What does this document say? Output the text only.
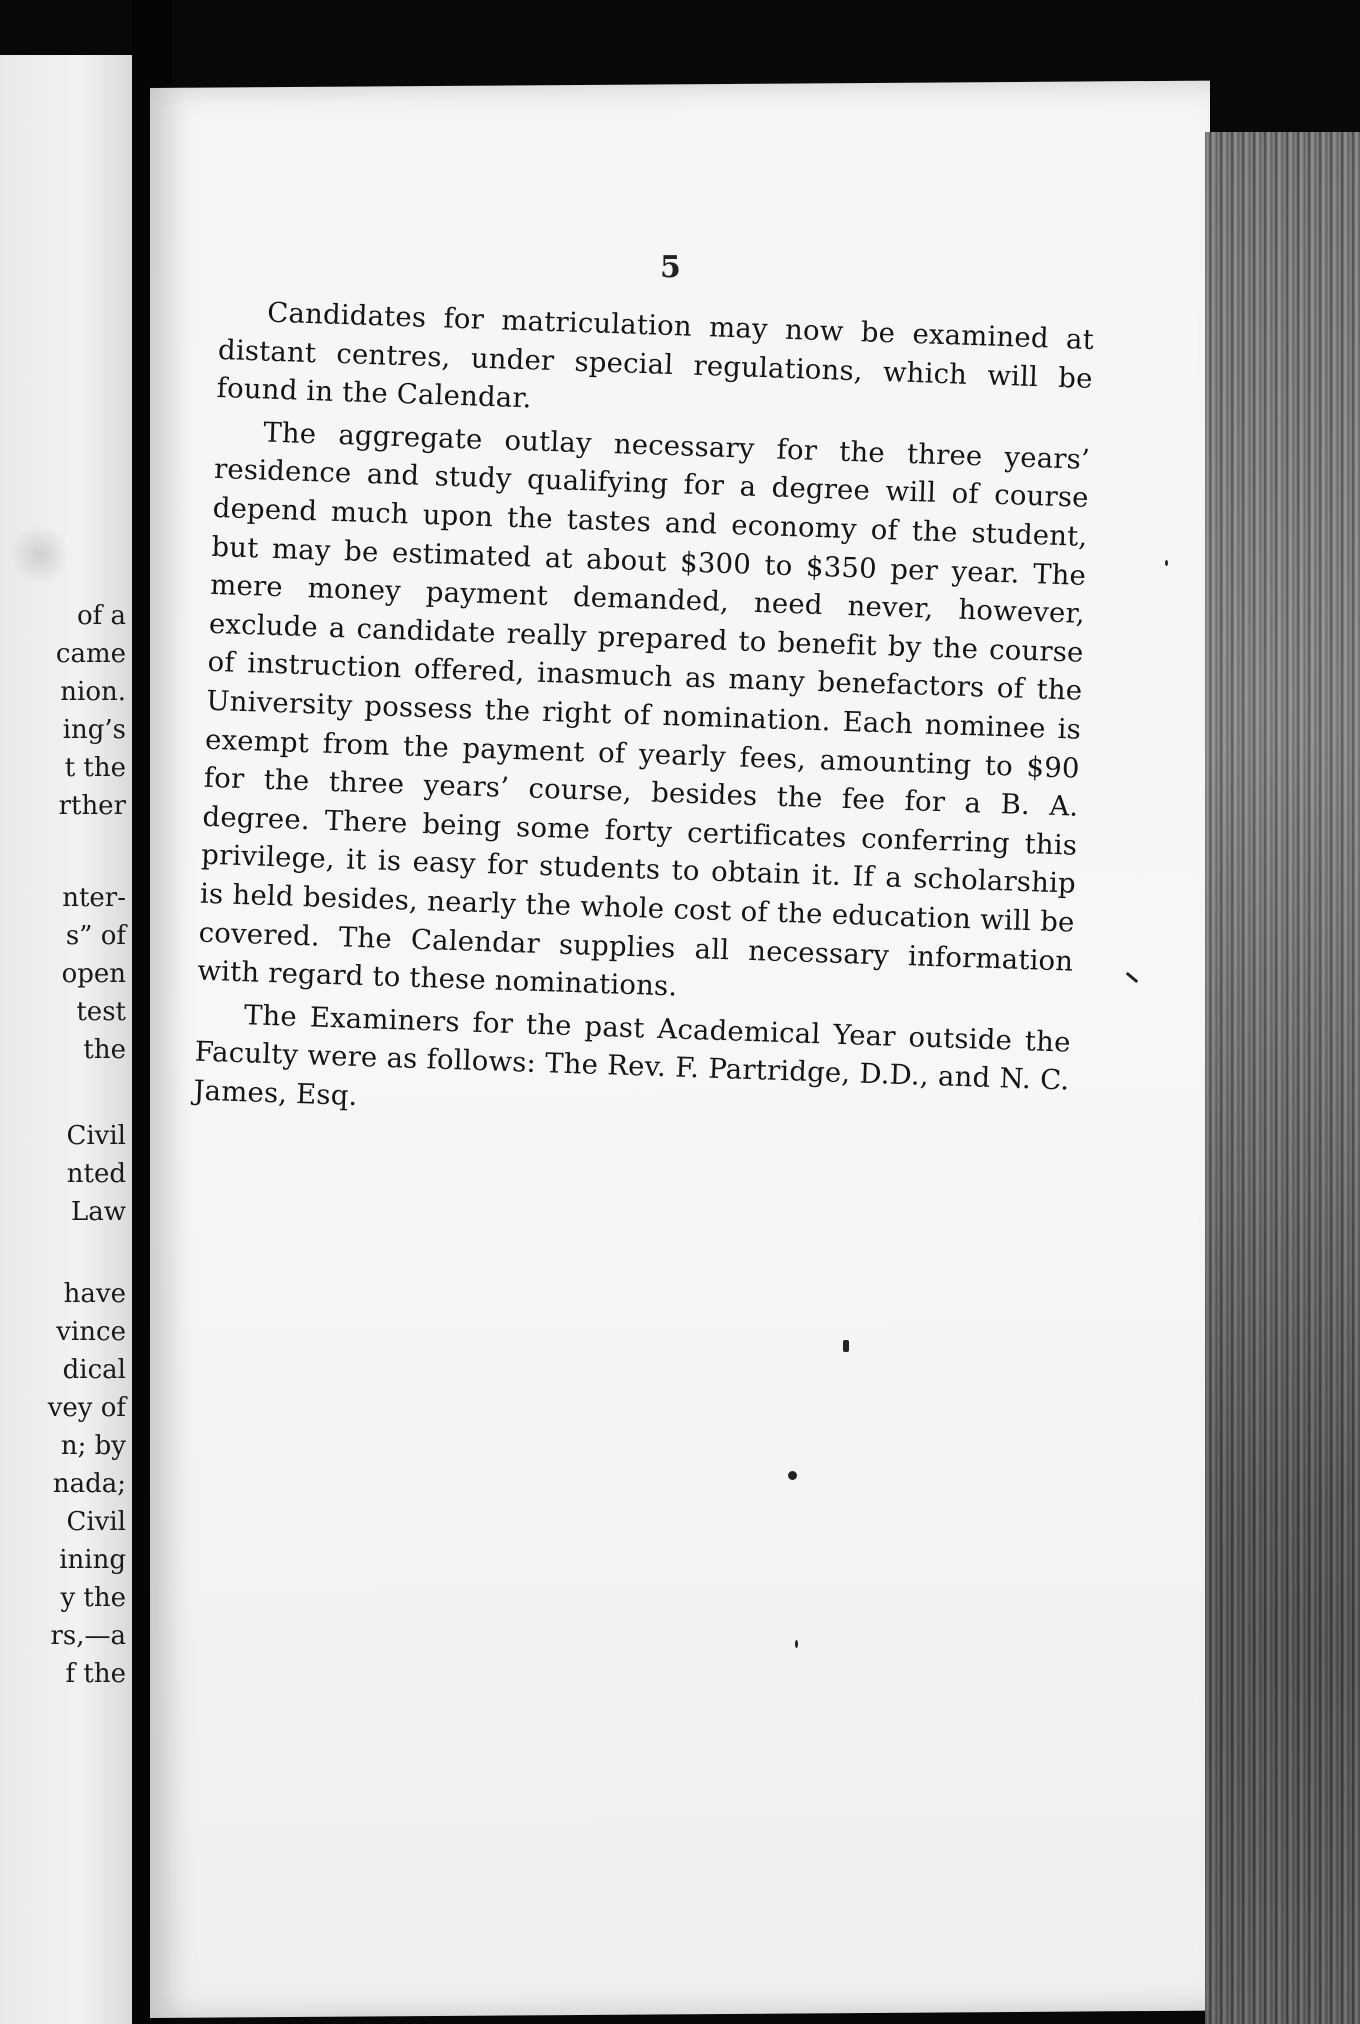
of a
came
nion.
ing’s
t the
rther
nter-
s” of
open
test
the
Civil
nted
Law
have
vince
dical
vey of
n; by
nada;
Civil
ining
y the
rs,—a
f the
5

Candidates for matriculation may now be examined at distant centres, under special regulations, which will be found in the Calendar.

The aggregate outlay necessary for the three years’ residence and study qualifying for a degree will of course depend much upon the tastes and economy of the student, but may be estimated at about $300 to $350 per year. The mere money payment demanded, need never, however, exclude a candidate really prepared to benefit by the course of instruction offered, inasmuch as many benefactors of the University possess the right of nomination. Each nominee is exempt from the payment of yearly fees, amounting to $90 for the three years’ course, besides the fee for a B. A. degree. There being some forty certificates conferring this privilege, it is easy for students to obtain it. If a scholarship is held besides, nearly the whole cost of the education will be covered. The Calendar supplies all necessary information with regard to these nominations.

The Examiners for the past Academical Year outside the Faculty were as follows: The Rev. F. Partridge, D.D., and N. C. James, Esq.
